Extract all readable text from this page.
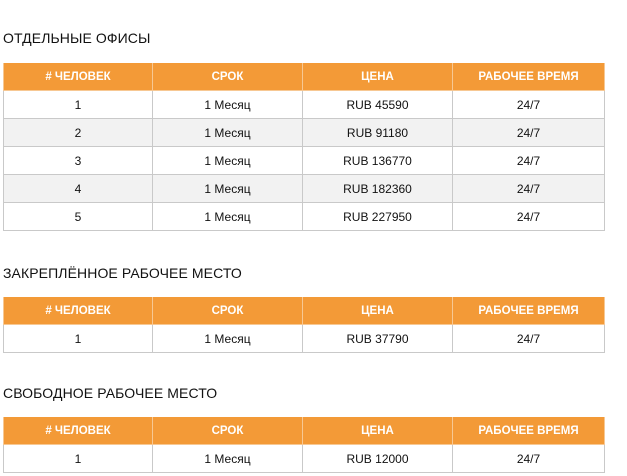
ОТДЕЛЬНЫЕ ОФИСЫ
# ЧЕЛОВЕК	СРОК	ЦЕНА	РАБОЧЕЕ ВРЕМЯ
1	1 Месяц	RUB 45590	24/7
2	1 Месяц	RUB 91180	24/7
3	1 Месяц	RUB 136770	24/7
4	1 Месяц	RUB 182360	24/7
5	1 Месяц	RUB 227950	24/7
ЗАКРЕПЛЁННОЕ РАБОЧЕЕ МЕСТО
# ЧЕЛОВЕК	СРОК	ЦЕНА	РАБОЧЕЕ ВРЕМЯ
1	1 Месяц	RUB 37790	24/7
СВОБОДНОЕ РАБОЧЕЕ МЕСТО
# ЧЕЛОВЕК	СРОК	ЦЕНА	РАБОЧЕЕ ВРЕМЯ
1	1 Месяц	RUB 12000	24/7
